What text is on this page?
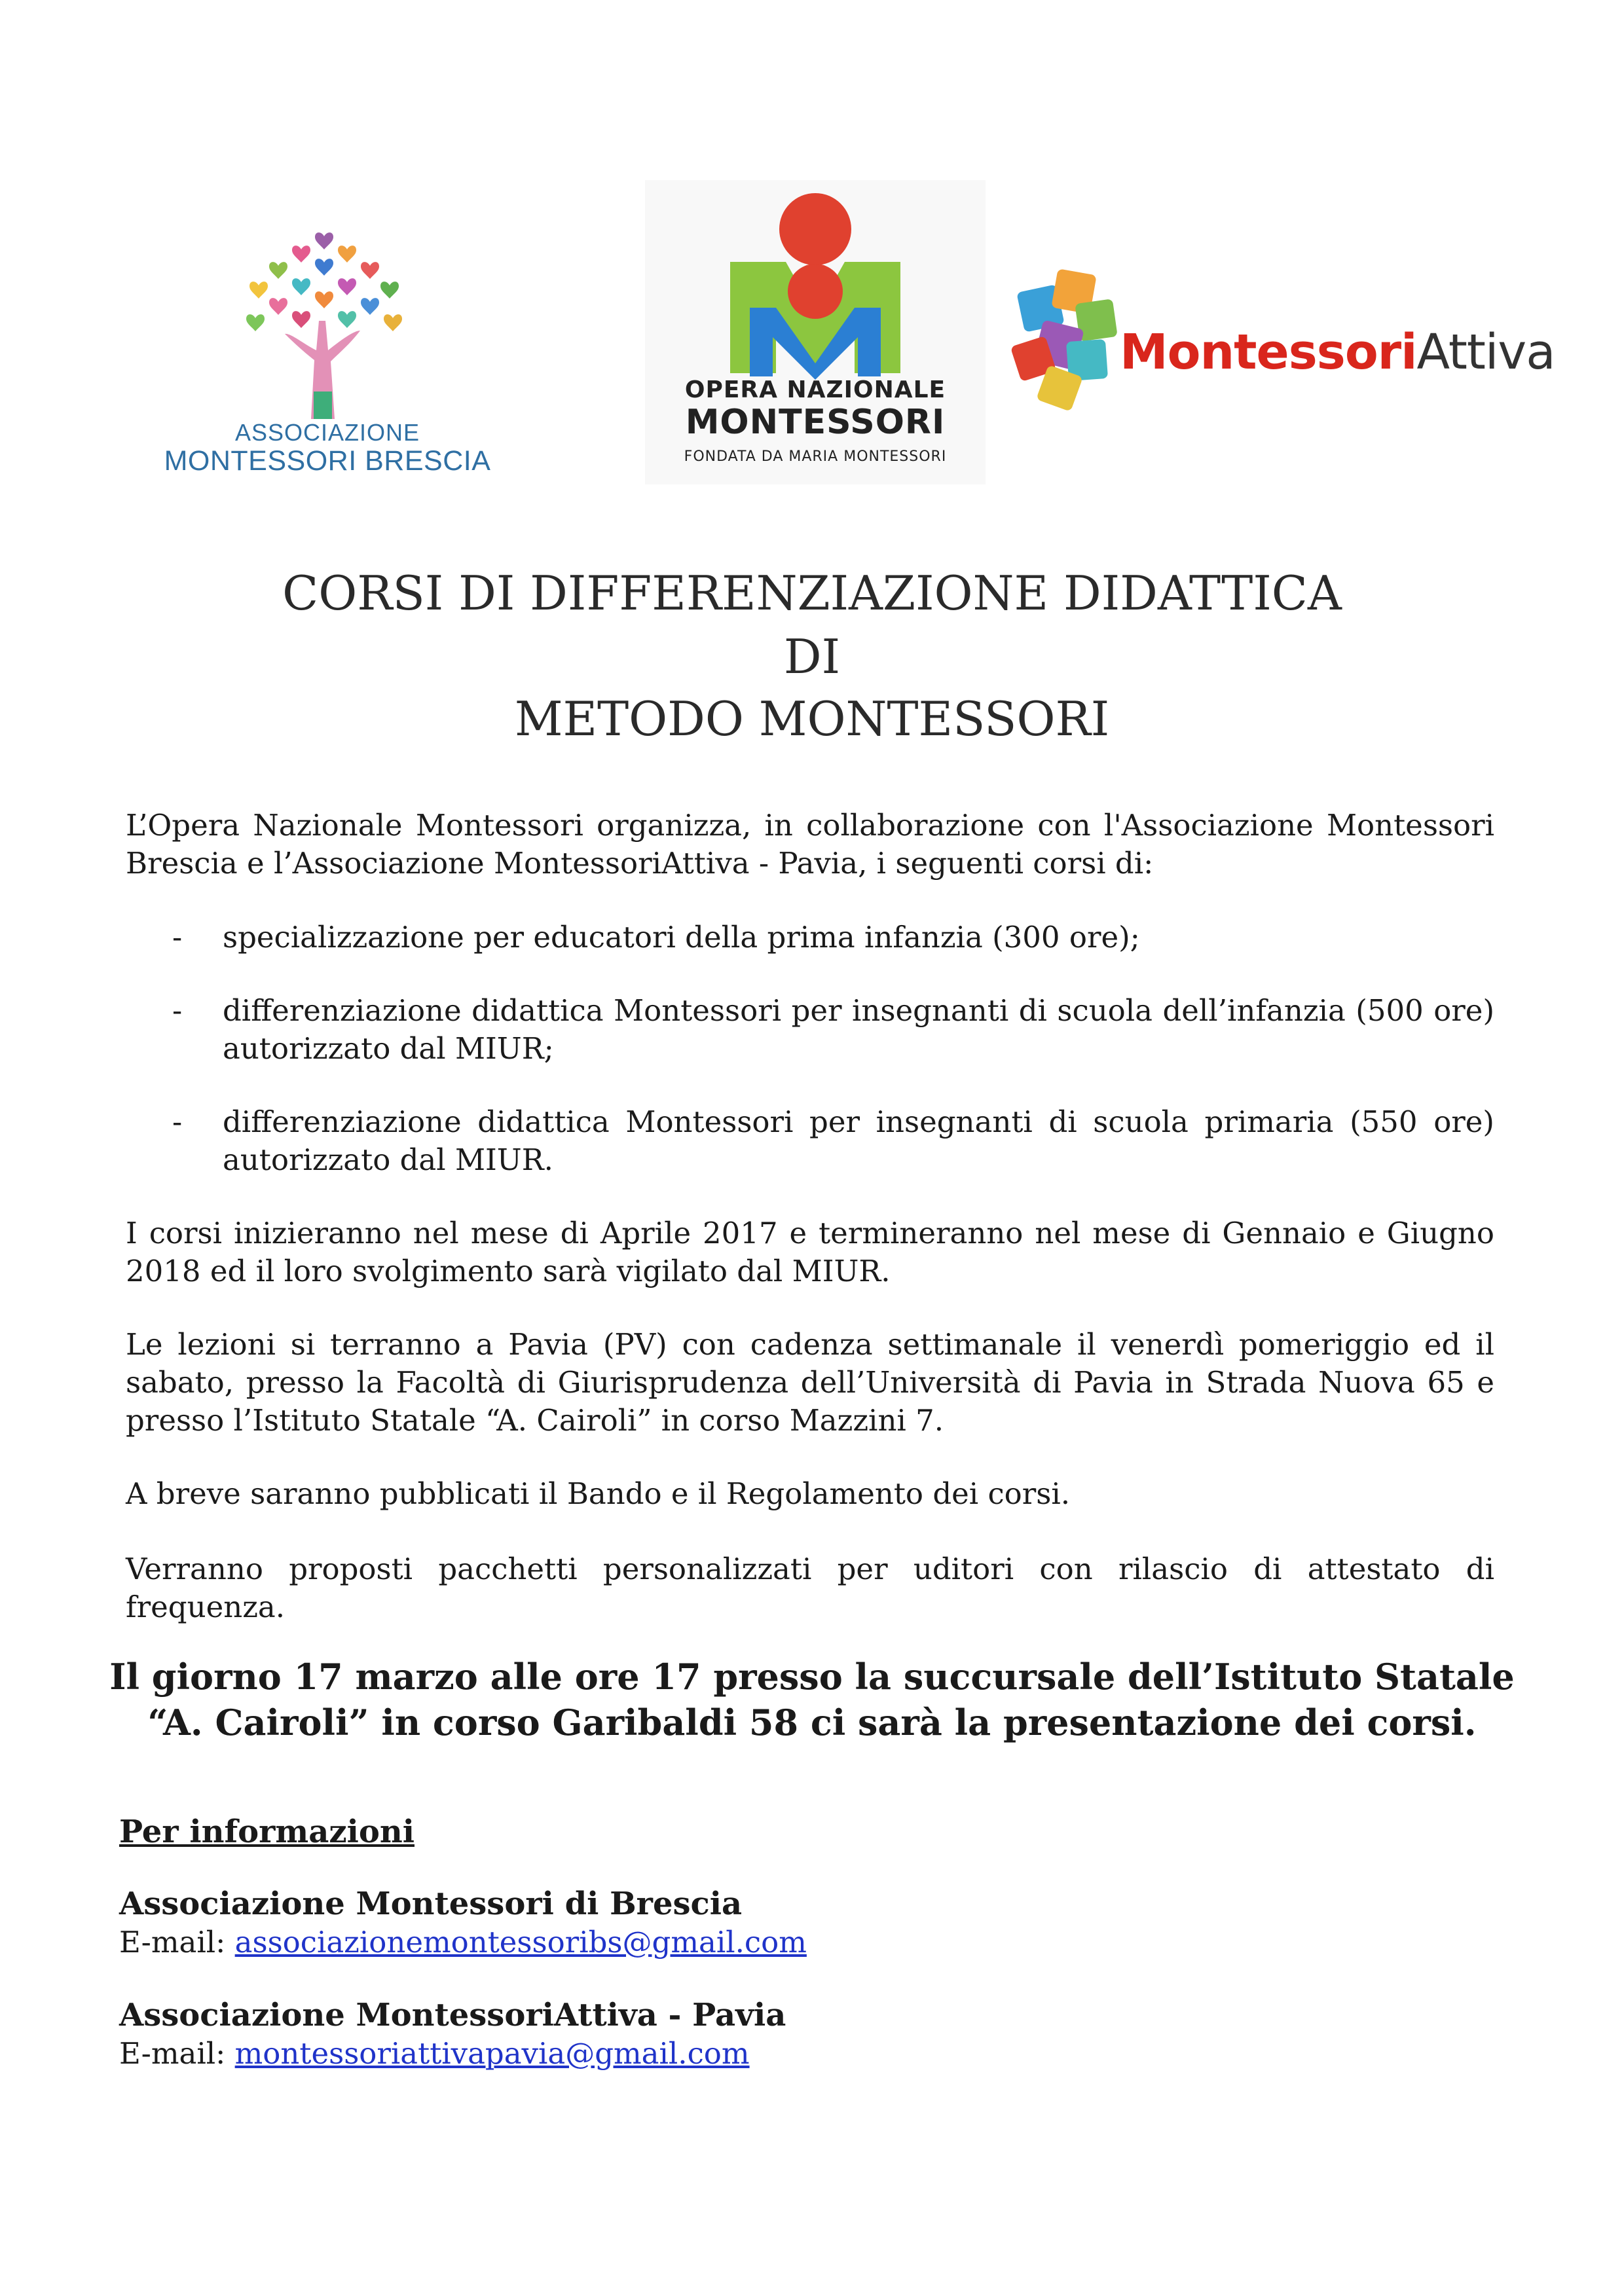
ASSOCIAZIONE
MONTESSORI BRESCIA
OPERA NAZIONALE
MONTESSORI
FONDATA DA MARIA MONTESSORI
MontessoriAttiva
CORSI DI DIFFERENZIAZIONE DIDATTICA
DI
METODO MONTESSORI
L’Opera Nazionale Montessori organizza, in collaborazione con l'Associazione Montessori Brescia e l’Associazione MontessoriAttiva - Pavia, i seguenti corsi di:
- specializzazione per educatori della prima infanzia (300 ore);
- differenziazione didattica Montessori per insegnanti di scuola dell’infanzia (500 ore) autorizzato dal MIUR;
- differenziazione didattica Montessori per insegnanti di scuola primaria (550 ore) autorizzato dal MIUR.
I corsi inizieranno nel mese di Aprile 2017 e termineranno nel mese di Gennaio e Giugno 2018 ed il loro svolgimento sarà vigilato dal MIUR.
Le lezioni si terranno a Pavia (PV) con cadenza settimanale il venerdì pomeriggio ed il sabato, presso la Facoltà di Giurisprudenza dell’Università di Pavia in Strada Nuova 65 e presso l’Istituto Statale “A. Cairoli” in corso Mazzini 7.
A breve saranno pubblicati il Bando e il Regolamento dei corsi.
Verranno proposti pacchetti personalizzati per uditori con rilascio di attestato di frequenza.
Il giorno 17 marzo alle ore 17 presso la succursale dell’Istituto Statale
“A. Cairoli” in corso Garibaldi 58 ci sarà la presentazione dei corsi.
Per informazioni
Associazione Montessori di Brescia
E-mail: associazionemontessoribs@gmail.com
Associazione MontessoriAttiva - Pavia
E-mail: montessoriattivapavia@gmail.com
